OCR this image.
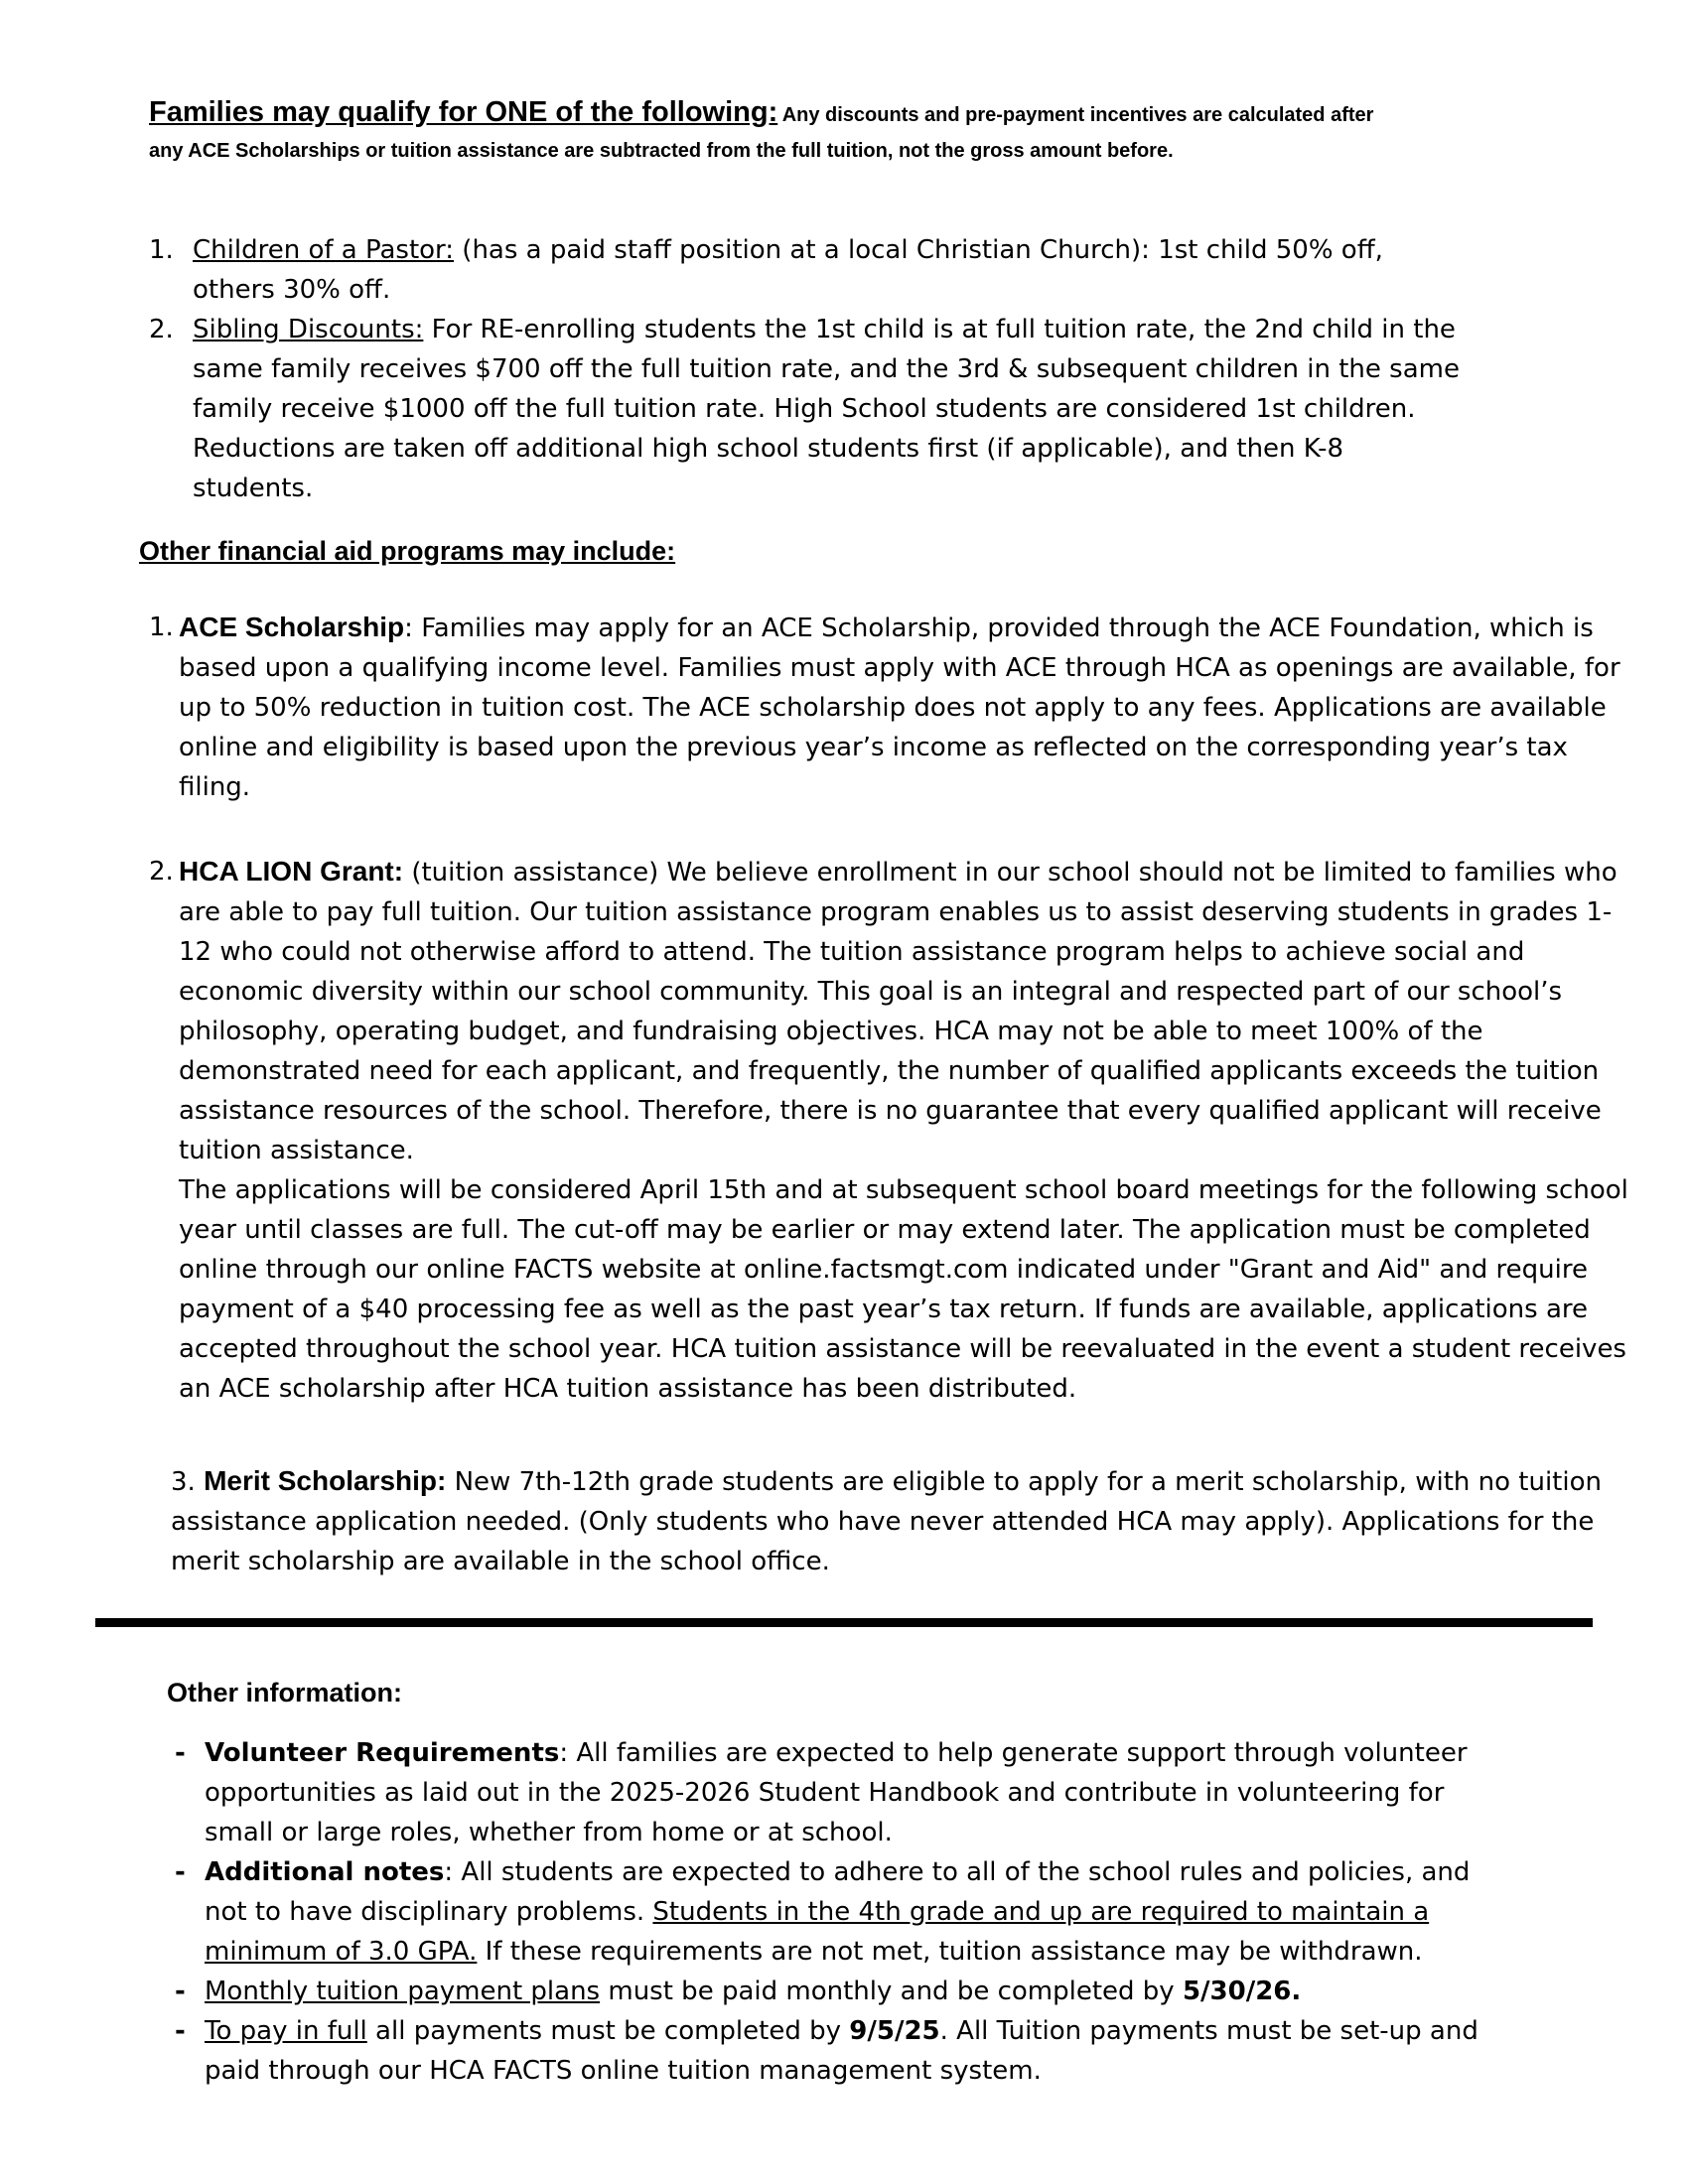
Families may qualify for ONE of the following: Any discounts and pre-payment incentives are calculated after any ACE Scholarships or tuition assistance are subtracted from the full tuition, not the gross amount before.
1. Children of a Pastor: (has a paid staff position at a local Christian Church): 1st child 50% off, others 30% off.
2. Sibling Discounts: For RE-enrolling students the 1st child is at full tuition rate, the 2nd child in the same family receives $700 off the full tuition rate, and the 3rd & subsequent children in the same family receive $1000 off the full tuition rate. High School students are considered 1st children. Reductions are taken off additional high school students first (if applicable), and then K-8 students.
Other financial aid programs may include:
1. ACE Scholarship: Families may apply for an ACE Scholarship, provided through the ACE Foundation, which is based upon a qualifying income level. Families must apply with ACE through HCA as openings are available, for up to 50% reduction in tuition cost. The ACE scholarship does not apply to any fees. Applications are available online and eligibility is based upon the previous year’s income as reflected on the corresponding year’s tax filing.
2. HCA LION Grant: (tuition assistance) We believe enrollment in our school should not be limited to families who are able to pay full tuition. Our tuition assistance program enables us to assist deserving students in grades 1-12 who could not otherwise afford to attend. The tuition assistance program helps to achieve social and economic diversity within our school community. This goal is an integral and respected part of our school’s philosophy, operating budget, and fundraising objectives. HCA may not be able to meet 100% of the demonstrated need for each applicant, and frequently, the number of qualified applicants exceeds the tuition assistance resources of the school. Therefore, there is no guarantee that every qualified applicant will receive tuition assistance.
The applications will be considered April 15th and at subsequent school board meetings for the following school year until classes are full. The cut-off may be earlier or may extend later. The application must be completed online through our online FACTS website at online.factsmgt.com indicated under "Grant and Aid" and require payment of a $40 processing fee as well as the past year’s tax return. If funds are available, applications are accepted throughout the school year. HCA tuition assistance will be reevaluated in the event a student receives an ACE scholarship after HCA tuition assistance has been distributed.
3. Merit Scholarship: New 7th-12th grade students are eligible to apply for a merit scholarship, with no tuition assistance application needed. (Only students who have never attended HCA may apply). Applications for the merit scholarship are available in the school office.
Other information:
- Volunteer Requirements: All families are expected to help generate support through volunteer opportunities as laid out in the 2025-2026 Student Handbook and contribute in volunteering for small or large roles, whether from home or at school.
- Additional notes: All students are expected to adhere to all of the school rules and policies, and not to have disciplinary problems. Students in the 4th grade and up are required to maintain a minimum of 3.0 GPA. If these requirements are not met, tuition assistance may be withdrawn.
- Monthly tuition payment plans must be paid monthly and be completed by 5/30/26.
- To pay in full all payments must be completed by 9/5/25. All Tuition payments must be set-up and paid through our HCA FACTS online tuition management system.
